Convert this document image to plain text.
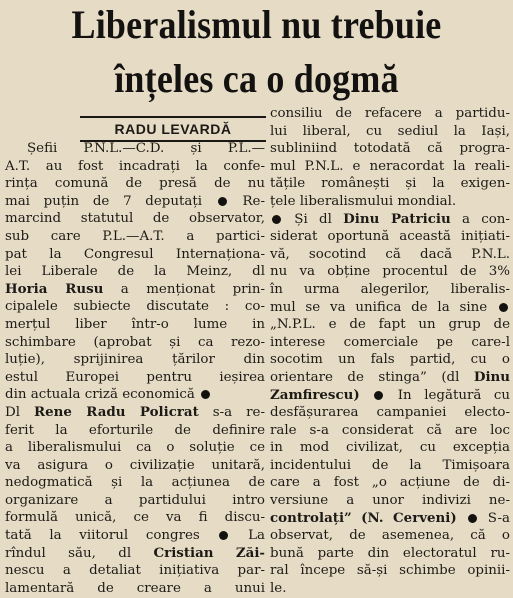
Liberalismul nu trebuie
înțeles ca o dogmă
RADU LEVARDĂ
Șefii P.N.L.—C.D. și P.L.—
A.T. au fost incadrați la confe-
rința comună de presă de nu
mai puțin de 7 deputați	Re-
marcind statutul de observator,
sub care P.L.—A.T. a partici-
pat la Congresul Internaționa-
lei Liberale de la Meinz, dl
Horia Rusu a menționat prin-
cipalele subiecte discutate : co-
merțul liber într-o lume in
schimbare (aprobat și ca rezo-
luție), sprijinirea țărilor din
estul Europei pentru ieșirea
din actuala criză economică
Dl Rene Radu Policrat s-a re-
ferit la eforturile de definire
a liberalismului ca o soluție ce
va asigura o civilizație unitară,
nedogmatică și la acțiunea de
organizare a partidului intro
formulă unică, ce va fi discu-
tată la viitorul congres	La
rîndul său, dl Cristian Zăi-
nescu a detaliat inițiativa par-
lamentară de creare a unui
consiliu de refacere a partidu-
lui liberal, cu sediul la Iași,
subliniind totodată că progra-
mul P.N.L. e neracordat la reali-
tățile românești și la exigen-
țele liberalismului mondial.
Și dl Dinu Patriciu a con-
siderat oportună această inițiati-
vă, socotind că dacă P.N.L.
nu va obține procentul de 3%
în urma alegerilor, liberalis-
mul se va unifica de la sine
„N.P.L. e de fapt un grup de
interese comerciale pe care-l
socotim un fals partid, cu o
orientare de stinga” (dl Dinu
Zamfirescu)	In legătură cu
desfășurarea campaniei electo-
rale s-a considerat că are loc
in mod civilizat, cu excepția
incidentului de la Timișoara
care a fost „o acțiune de di-
versiune a unor indivizi ne-
controlați” (N. Cerveni) S-a
observat, de asemenea, că o
bună parte din electoratul ru-
ral începe să-și schimbe opinii-
le.
